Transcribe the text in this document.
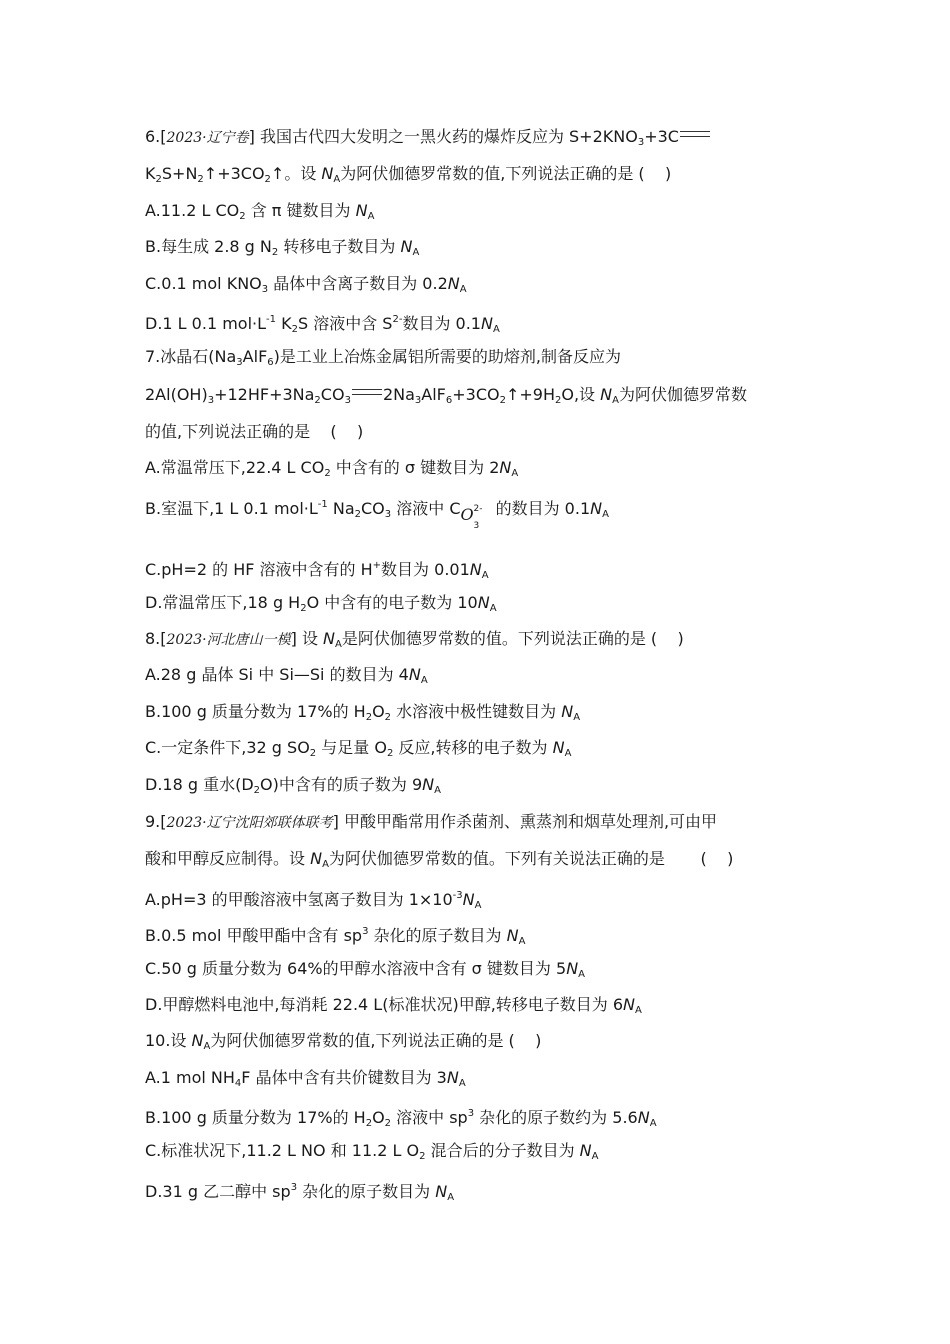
6.[2023·辽宁卷] 我国古代四大发明之一黑火药的爆炸反应为 $S+2KNO_3+3C$
$K_2S+N_2↑+3CO_2↑$。设 $N_A$为阿伏伽德罗常数的值,下列说法正确的是 (    )
A.11.2 L $CO_2$ 含 π 键数目为 $N_A$
B.每生成 2.8 g $N_2$ 转移电子数目为 $N_A$
C.0.1 mol $KNO_3$ 晶体中含离子数目为 $0.2N_A$
D.1 L 0.1 $mol\cdot L^{-1}$ $K_2S$ 溶液中含 $S^{2-}$数目为 $0.1N_A$
7.冰晶石$(Na_3AlF_6)$是工业上冶炼金属铝所需要的助熔剂,制备反应为
$2Al(OH)_3+12HF+3Na_2CO_3$ $2Na_3AlF_6+3CO_2↑+9H_2O$,设 $N_A$为阿伏伽德罗常数
的值,下列说法正确的是    (    )
A.常温常压下,22.4 L $CO_2$ 中含有的 σ 键数目为 $2N_A$
B.室温下,1 L 0.1 $mol\cdot L^{-1}$ $Na_2CO_3$ 溶液中 C O
3
2- 的数目为 $0.1N_A$
C.pH=2 的 HF 溶液中含有的 H+数目为 $0.01N_A$
D.常温常压下,18 g $H_2O$ 中含有的电子数为 $10N_A$
8.[2023·河北唐山一模] 设 $N_A$是阿伏伽德罗常数的值。下列说法正确的是 (    )
A.28 g 晶体 Si 中 Si—Si 的数目为 $4N_A$
B.100 g 质量分数为 17%的 $H_2O_2$ 水溶液中极性键数目为 $N_A$
C.一定条件下,32 g $SO_2$ 与足量 $O_2$ 反应,转移的电子数为 $N_A$
D.18 g 重水$(D_2O)$中含有的质子数为 $9N_A$
9.[2023·辽宁沈阳郊联体联考] 甲酸甲酯常用作杀菌剂、熏蒸剂和烟草处理剂,可由甲
酸和甲醇反应制得。设 $N_A$为阿伏伽德罗常数的值。下列有关说法正确的是       (    )
A.pH=3 的甲酸溶液中氢离子数目为 $1\times 10^{-3}N_A$
B.0.5 mol 甲酸甲酯中含有 $sp^3$ 杂化的原子数目为 $N_A$
C.50 g 质量分数为 64%的甲醇水溶液中含有 σ 键数目为 $5N_A$
D.甲醇燃料电池中,每消耗 22.4 L(标准状况)甲醇,转移电子数目为 $6N_A$
10.设 $N_A$为阿伏伽德罗常数的值,下列说法正确的是 (    )
A.1 mol $NH_4F$ 晶体中含有共价键数目为 $3N_A$
B.100 g 质量分数为 17%的 $H_2O_2$ 溶液中 $sp^3$ 杂化的原子数约为 $5.6N_A$
C.标准状况下,11.2 L NO 和 11.2 L $O_2$ 混合后的分子数目为 $N_A$
D.31 g 乙二醇中 $sp^3$ 杂化的原子数目为 $N_A$
